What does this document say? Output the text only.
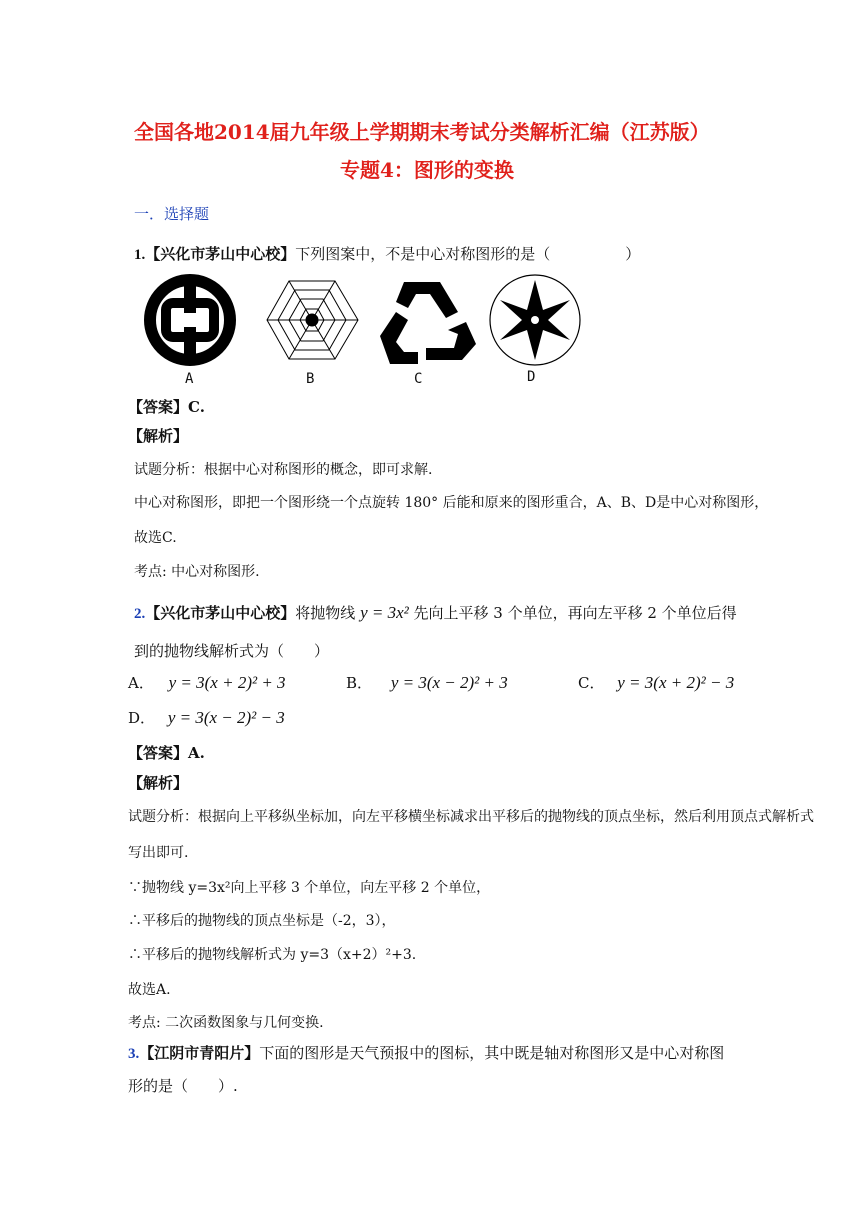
全国各地2014届九年级上学期期末考试分类解析汇编（江苏版）
专题4：图形的变换
一．选择题
1.【兴化市茅山中心校】下列图案中，不是中心对称图形的是（　　　　　）
A	B	C	D
【答案】C.
【解析】
试题分析：根据中心对称图形的概念，即可求解.
中心对称图形，即把一个图形绕一个点旋转 180° 后能和原来的图形重合，A、B、D是中心对称图形，
故选C.
考点: 中心对称图形.
2.【兴化市茅山中心校】将抛物线 y = 3x² 先向上平移 3 个单位，再向左平移 2 个单位后得
到的抛物线解析式为（　　）
A． y = 3(x + 2)² + 3	B． y = 3(x − 2)² + 3	C． y = 3(x + 2)² − 3
D． y = 3(x − 2)² − 3
【答案】A.
【解析】
试题分析：根据向上平移纵坐标加，向左平移横坐标减求出平移后的抛物线的顶点坐标，然后利用顶点式解析式
写出即可.
∵抛物线 y=3x²向上平移 3 个单位，向左平移 2 个单位，
∴平移后的抛物线的顶点坐标是（-2，3），
∴平移后的抛物线解析式为 y=3（x+2）²+3.
故选A.
考点: 二次函数图象与几何变换.
3.【江阴市青阳片】下面的图形是天气预报中的图标，其中既是轴对称图形又是中心对称图
形的是（　　）.
